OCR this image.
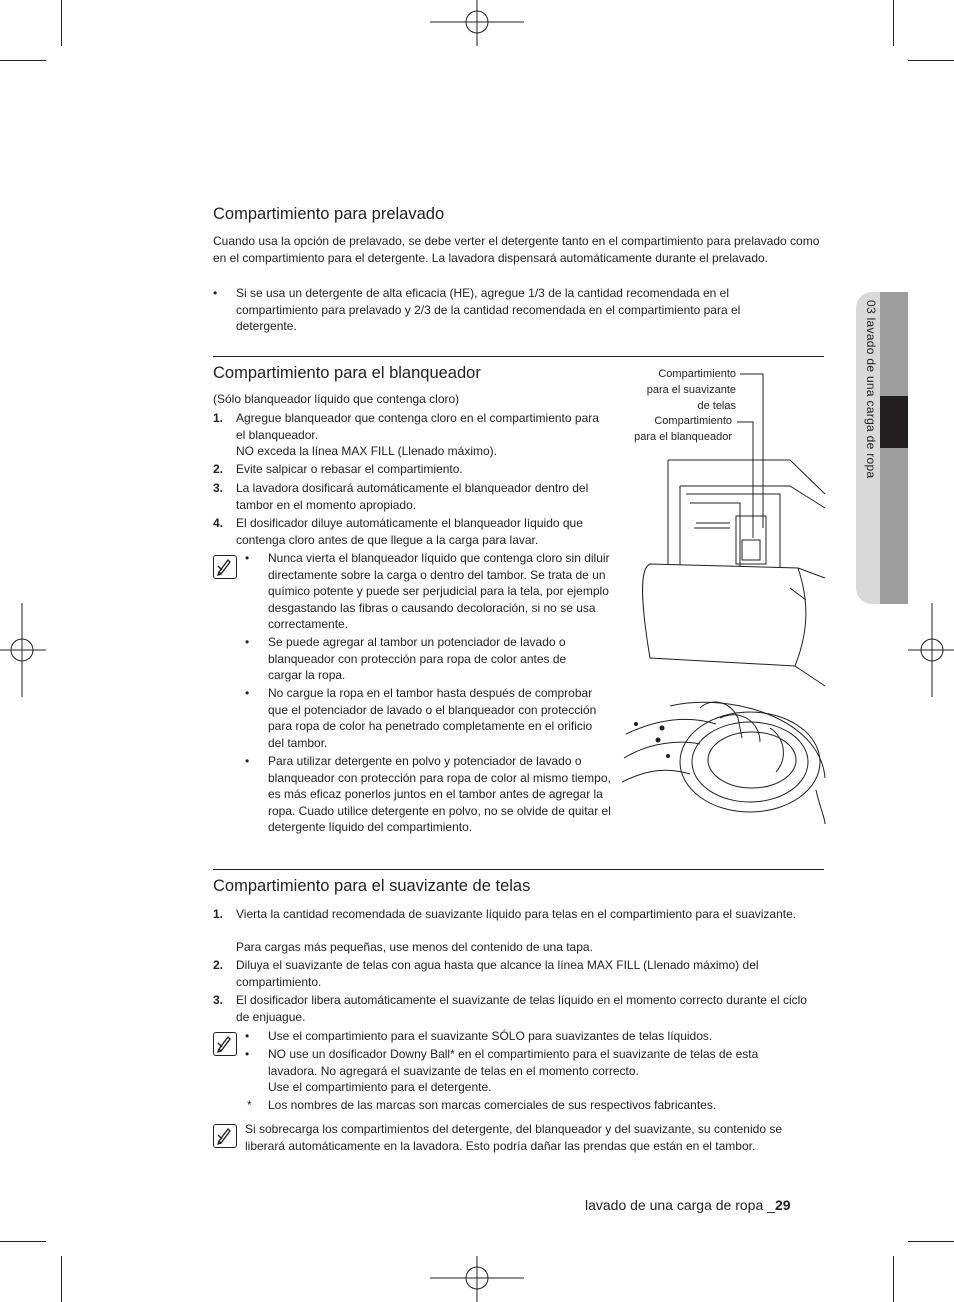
03 lavado de una carga de ropa
Compartimiento para prelavado
Cuando usa la opción de prelavado, se debe verter el detergente tanto en el compartimiento para prelavado como en el compartimiento para el detergente. La lavadora dispensará automáticamente durante el prelavado.
• Si se usa un detergente de alta eficacia (HE), agregue 1/3 de la cantidad recomendada en el compartimiento para prelavado y 2/3 de la cantidad recomendada en el compartimiento para el detergente.
Compartimiento para el blanqueador
(Sólo blanqueador líquido que contenga cloro)
1. Agregue blanqueador que contenga cloro en el compartimiento para el blanqueador.
NO exceda la línea MAX FILL (Llenado máximo).
2. Evite salpicar o rebasar el compartimiento.
3. La lavadora dosificará automáticamente el blanqueador dentro del tambor en el momento apropiado.
4. El dosificador diluye automáticamente el blanqueador líquido que contenga cloro antes de que llegue a la carga para lavar.
• Nunca vierta el blanqueador líquido que contenga cloro sin diluir directamente sobre la carga o dentro del tambor. Se trata de un químico potente y puede ser perjudicial para la tela, por ejemplo desgastando las fibras o causando decoloración, si no se usa correctamente.
• Se puede agregar al tambor un potenciador de lavado o blanqueador con protección para ropa de color antes de cargar la ropa.
• No cargue la ropa en el tambor hasta después de comprobar que el potenciador de lavado o el blanqueador con protección para ropa de color ha penetrado completamente en el orificio del tambor.
• Para utilizar detergente en polvo y potenciador de lavado o blanqueador con protección para ropa de color al mismo tiempo, es más eficaz ponerlos juntos en el tambor antes de agregar la ropa. Cuado utilice detergente en polvo, no se olvide de quitar el detergente líquido del compartimiento.
Compartimiento
para el suavizante
de telas
Compartimiento
para el blanqueador
Compartimiento para el suavizante de telas
1. Vierta la cantidad recomendada de suavizante líquido para telas en el compartimiento para el suavizante.
Para cargas más pequeñas, use menos del contenido de una tapa.
2. Diluya el suavizante de telas con agua hasta que alcance la línea MAX FILL (Llenado máximo) del compartimiento.
3. El dosificador libera automáticamente el suavizante de telas líquido en el momento correcto durante el ciclo de enjuague.
• Use el compartimiento para el suavizante SÓLO para suavizantes de telas líquidos.
• NO use un dosificador Downy Ball* en el compartimiento para el suavizante de telas de esta lavadora. No agregará el suavizante de telas en el momento correcto.
Use el compartimiento para el detergente.
* Los nombres de las marcas son marcas comerciales de sus respectivos fabricantes.
Si sobrecarga los compartimientos del detergente, del blanqueador y del suavizante, su contenido se liberará automáticamente en la lavadora. Esto podría dañar las prendas que están en el tambor.
lavado de una carga de ropa _29
